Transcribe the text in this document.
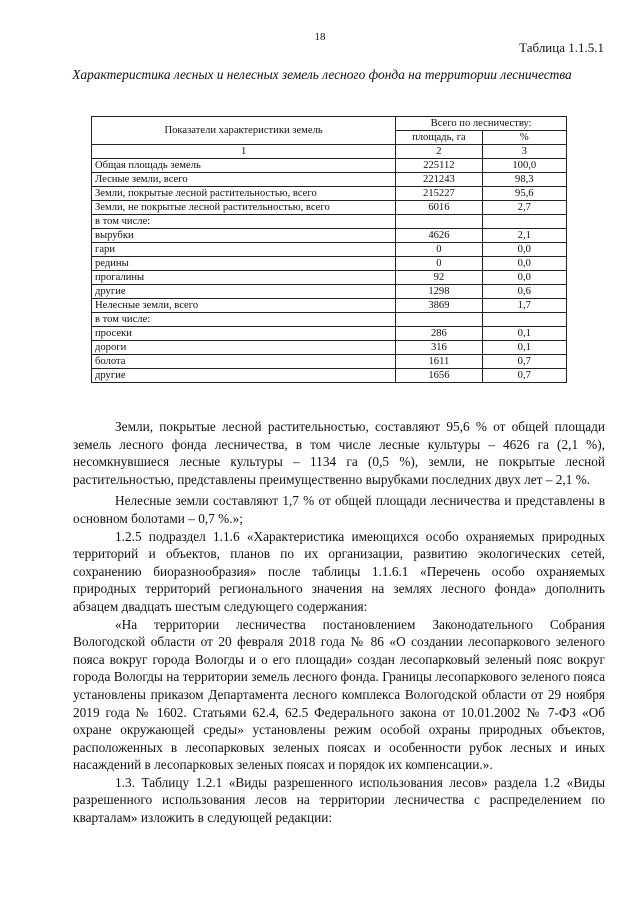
18
Таблица 1.1.5.1
Характеристика лесных и нелесных земель лесного фонда на территории лесничества
Показатели характеристики земель	Всего по лесничеству:	
	площадь, га	%
1	2	3
Общая площадь земель	225112	100,0
Лесные земли, всего	221243	98,3
Земли, покрытые лесной растительностью, всего	215227	95,6
Земли, не покрытые лесной растительностью, всего	6016	2,7
в том числе:		
вырубки	4626	2,1
гари	0	0,0
редины	0	0,0
прогалины	92	0,0
другие	1298	0,6
Нелесные земли, всего	3869	1,7
в том числе:		
просеки	286	0,1
дороги	316	0,1
болота	1611	0,7
другие	1656	0,7

Земли, покрытые лесной растительностью, составляют 95,6 % от общей площади земель лесного фонда лесничества, в том числе лесные культуры – 4626 га (2,1 %), несомкнувшиеся лесные культуры – 1134 га (0,5 %), земли, не покрытые лесной растительностью, представлены преимущественно вырубками последних двух лет – 2,1 %.

Нелесные земли составляют 1,7 % от общей площади лесничества и представлены в основном болотами – 0,7 %.»;

1.2.5 подраздел 1.1.6 «Характеристика имеющихся особо охраняемых природных территорий и объектов, планов по их организации, развитию экологических сетей, сохранению биоразнообразия» после таблицы 1.1.6.1 «Перечень особо охраняемых природных территорий регионального значения на землях лесного фонда» дополнить абзацем двадцать шестым следующего содержания:

«На территории лесничества постановлением Законодательного Собрания Вологодской области от 20 февраля 2018 года № 86 «О создании лесопаркового зеленого пояса вокруг города Вологды и о его площади» создан лесопарковый зеленый пояс вокруг города Вологды на территории земель лесного фонда. Границы лесопаркового зеленого пояса установлены приказом Департамента лесного комплекса Вологодской области от 29 ноября 2019 года № 1602. Статьями 62.4, 62.5 Федерального закона от 10.01.2002 № 7-ФЗ «Об охране окружающей среды» установлены режим особой охраны природных объектов, расположенных в лесопарковых зеленых поясах и особенности рубок лесных и иных насаждений в лесопарковых зеленых поясах и порядок их компенсации.».

1.3. Таблицу 1.2.1 «Виды разрешенного использования лесов» раздела 1.2 «Виды разрешенного использования лесов на территории лесничества с распределением по кварталам» изложить в следующей редакции:
